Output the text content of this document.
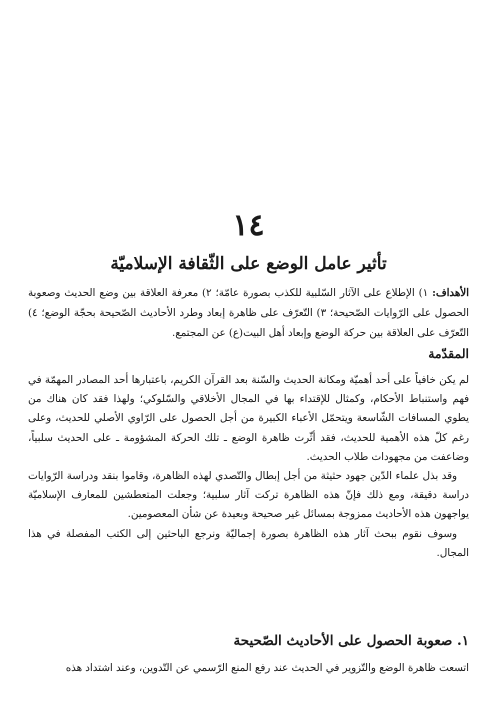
١٤
تأثير عامل الوضع على الثّقافة الإسلاميّة
الأهداف: ١) الإطلاع على الآثار السّلبية للكذب بصورة عامّة؛ ٢) معرفة العلاقة بين وضع الحديث وصعوبة الحصول على الرّوايات الصّحيحة؛ ٣) التّعرّف على ظاهرة إبعاد وطرد الأحاديث الصّحيحة بحجّة الوضع؛ ٤) التّعرّف على العلاقة بين حركة الوضع وإبعاد أهل البيت(ع) عن المجتمع.
المقدّمة

لم يكن خافياً على أحد أهميّة ومكانة الحديث والسّنة بعد القرآن الكريم، باعتبارها أحد المصادر المهمّة في فهم واستنباط الأحكام، وكمثال للإقتداء بها في المجال الأخلاقي والسّلوكي؛ ولهذا فقد كان هناك من يطوي المسافات الشّاسعة ويتحمّل الأعباء الكبيرة من أجل الحصول على الرّاوي الأصلي للحديث، وعلى رغم كلّ هذه الأهمية للحديث، فقد أثّرت ظاهرة الوضع ـ تلك الحركة المشؤومة ـ على الحديث سلبياً، وضاعفت من مجهودات طلاب الحديث.

وقد بذل علماء الدّين جهود حثيثة من أجل إبطال والتّصدي لهذه الظاهرة، وقاموا بنقد ودراسة الرّوايات دراسة دقيقة، ومع ذلك فإنّ هذه الظاهرة تركت آثار سلبية؛ وجعلت المتعطشين للمعارف الإسلاميّة يواجهون هذه الأحاديث ممزوجة بمسائل غير صحيحة وبعيدة عن شأن المعصومين.

وسوف نقوم ببحث آثار هذه الظاهرة بصورة إجماليّة ونرجع الباحثين إلى الكتب المفصلة في هذا المجال.

١. صعوبة الحصول على الأحاديث الصّحيحة
اتسعت ظاهرة الوضع والتّزوير في الحديث عند رفع المنع الرّسمي عن التّدوين، وعند اشتداد هذه
